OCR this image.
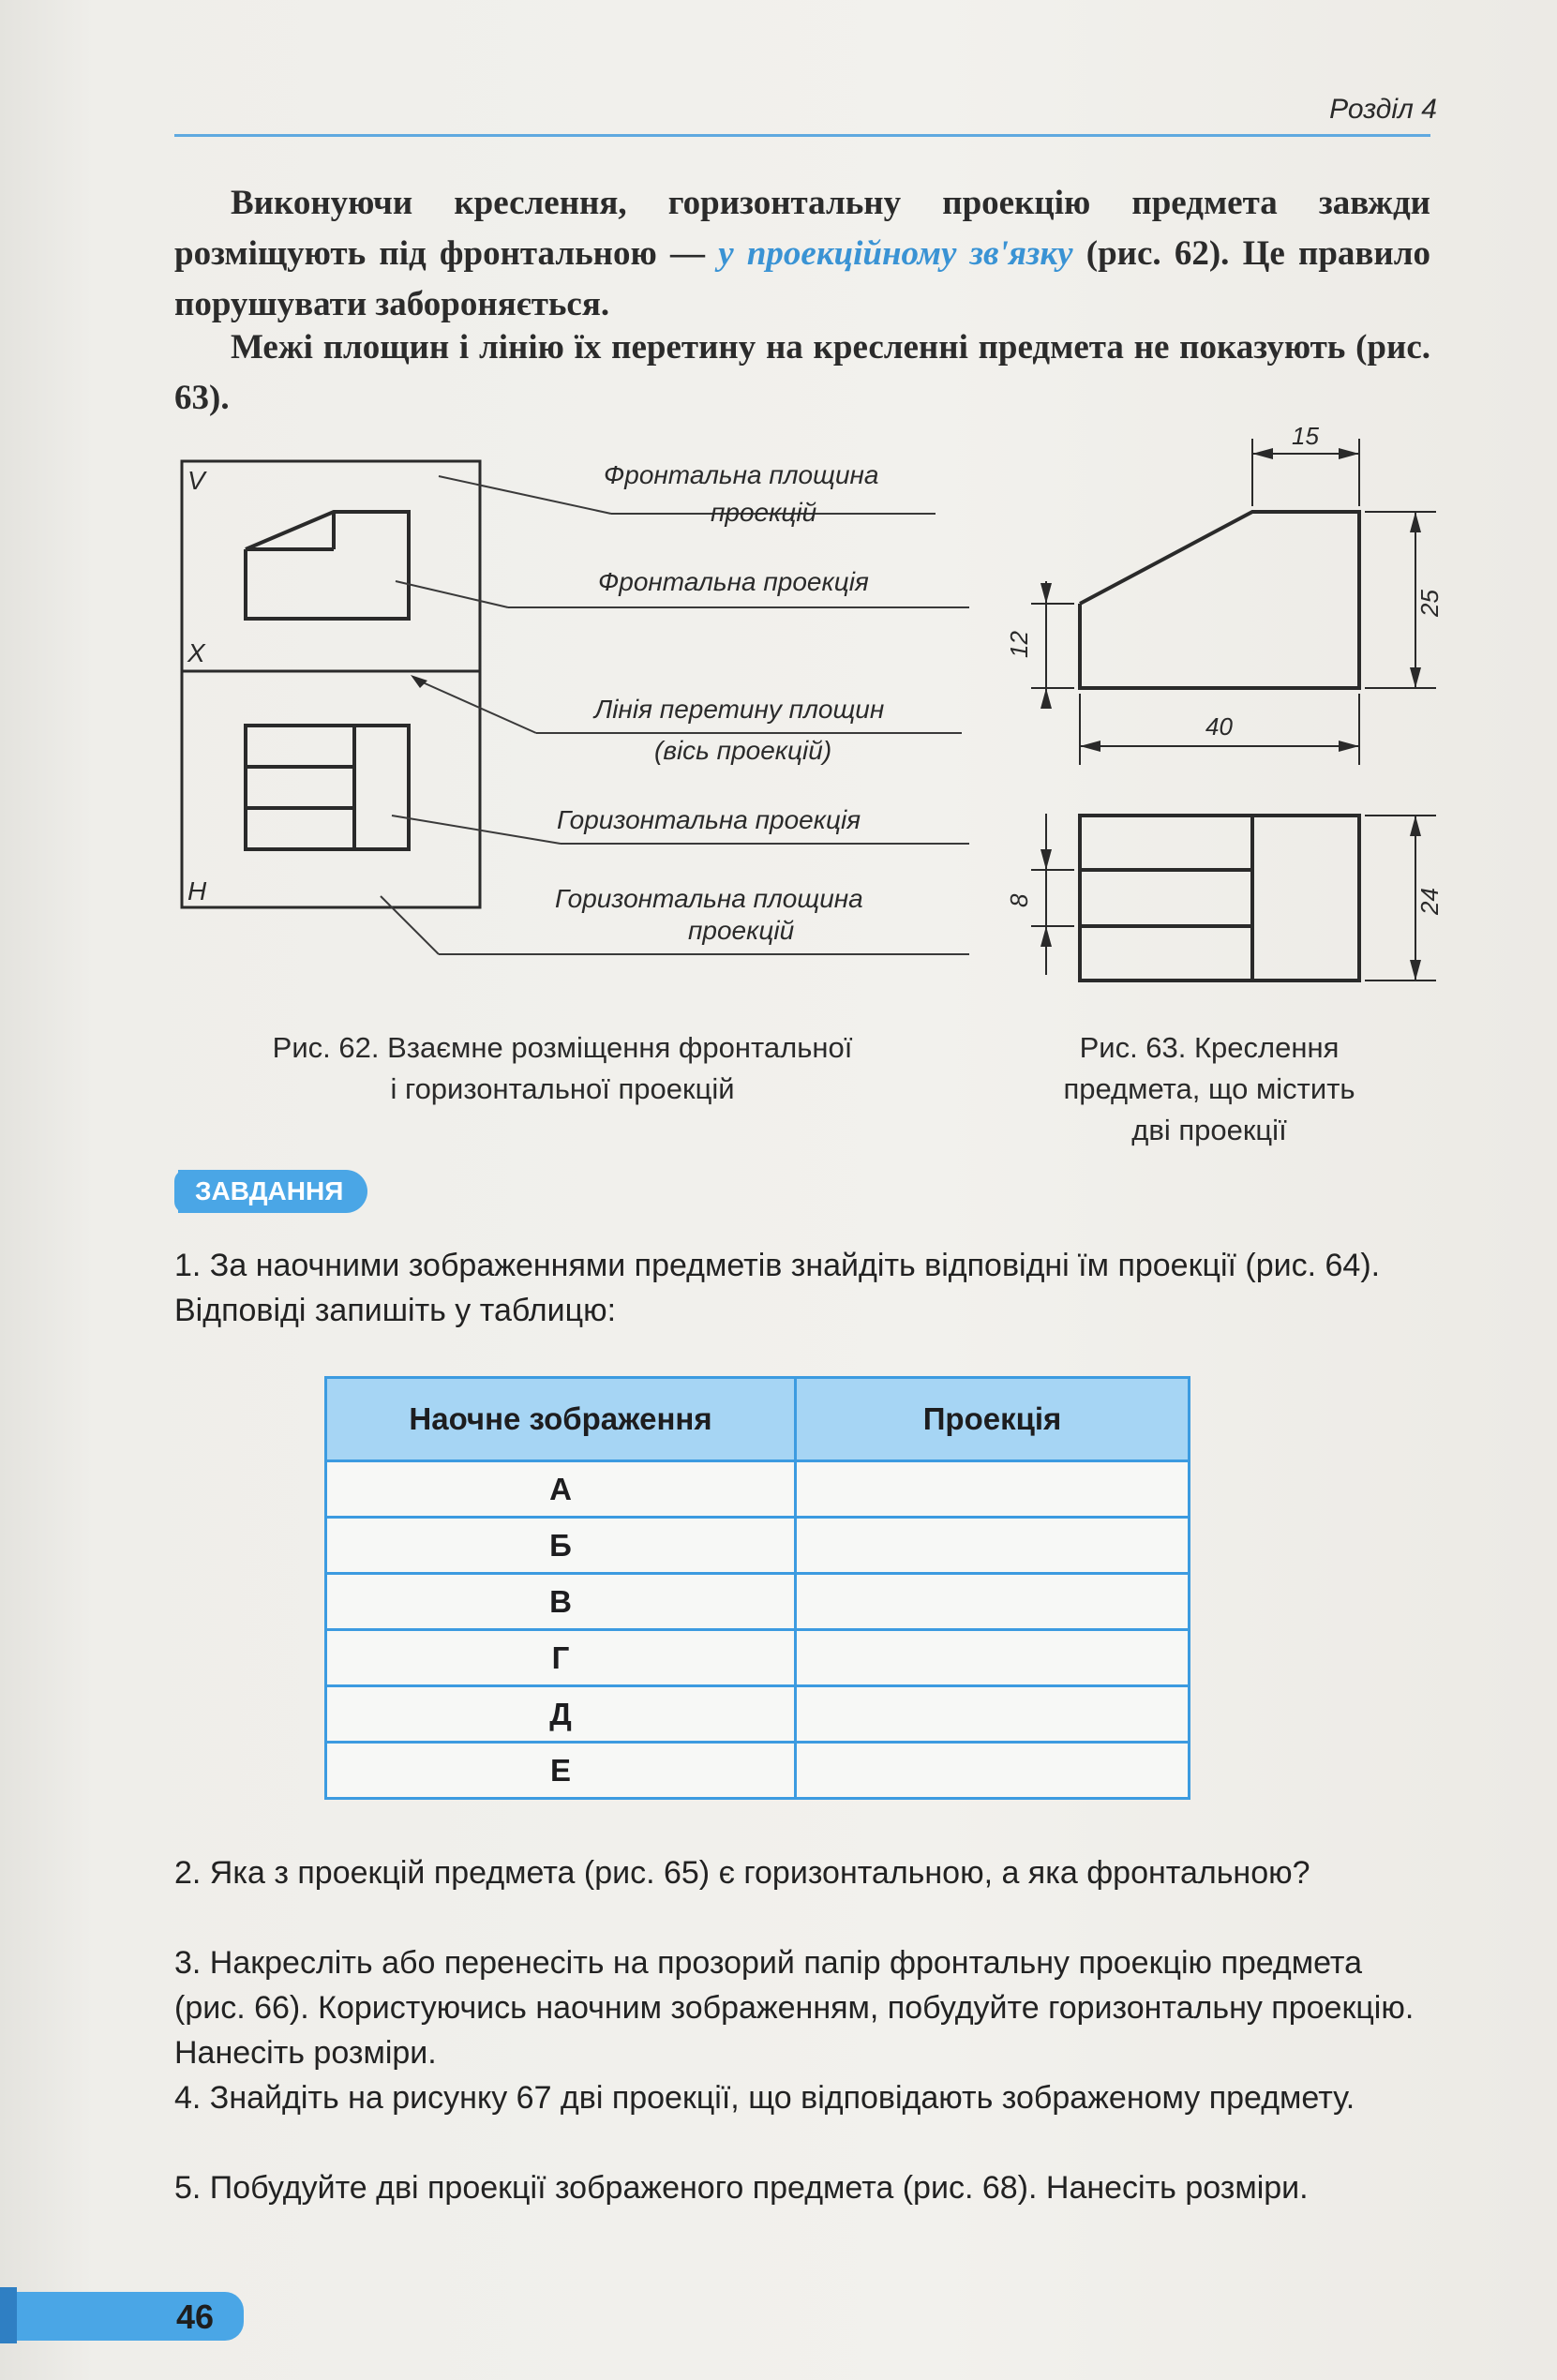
Розділ 4
Виконуючи креслення, горизонтальну проекцію предмета завжди розміщують під фронтальною — у проекційному зв'язку (рис. 62). Це правило порушувати забороняється.
Межі площин і лінію їх перетину на кресленні предмета не показують (рис. 63).
V
X
H
Фронтальна площина
проекцій
Фронтальна проекція
Лінія перетину площин
(вісь проекцій)
Горизонтальна проекція
Горизонтальна площина
проекцій
15
25
12
40
8	24
Рис. 62. Взаємне розміщення фронтальної
і горизонтальної проекцій
Рис. 63. Креслення
предмета, що містить
дві проекції
ЗАВДАННЯ
1. За наочними зображеннями предметів знайдіть відповідні їм проекції (рис. 64). Відповіді запишіть у таблицю:
Наочне зображення	Проекція
А	
Б	
В	
Г	
Д	
Е	
2. Яка з проекцій предмета (рис. 65) є горизонтальною, а яка фронтальною?
3. Накресліть або перенесіть на прозорий папір фронтальну проекцію предмета (рис. 66). Користуючись наочним зображенням, побудуйте горизонтальну проекцію. Нанесіть розміри.
4. Знайдіть на рисунку 67 дві проекції, що відповідають зображеному предмету.
5. Побудуйте дві проекції зображеного предмета (рис. 68). Нанесіть розміри.
46
